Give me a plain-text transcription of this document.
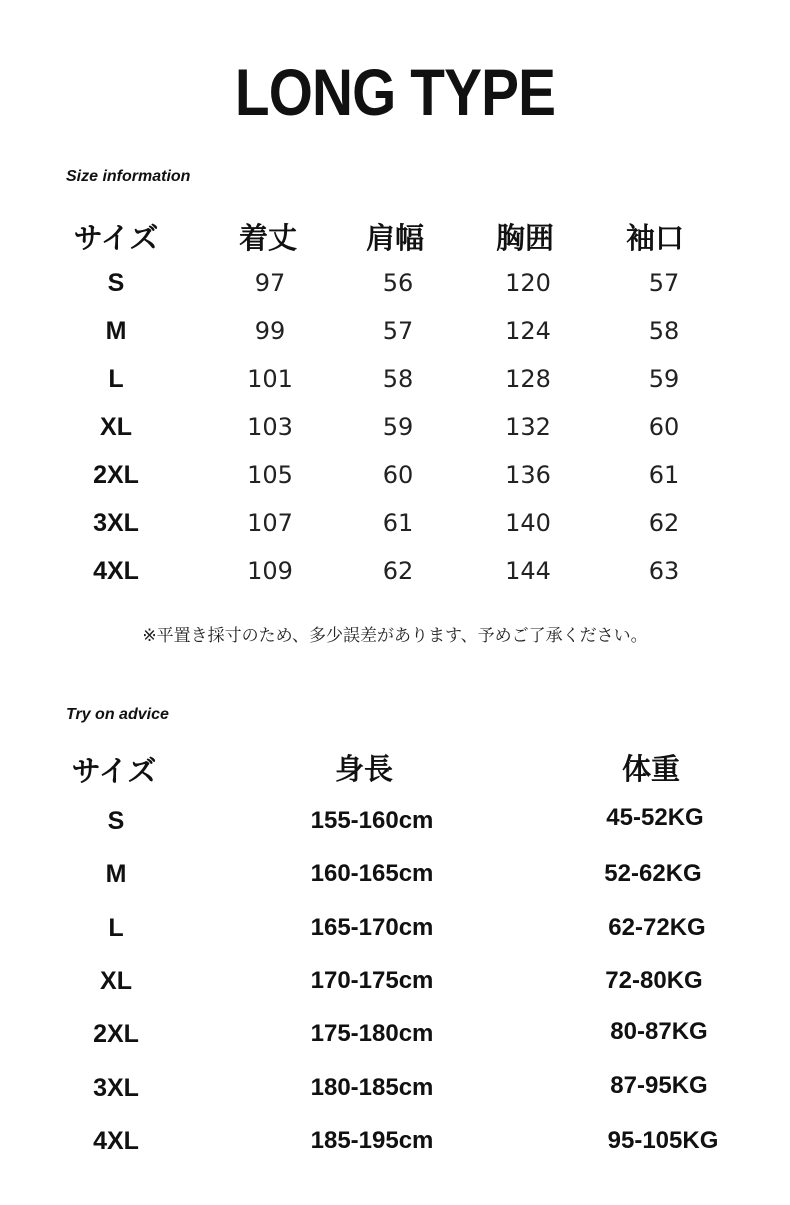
LONG TYPE
Size information
サイズ	着丈 肩幅 胸囲 袖口
S	97	56	120	57
M	99	57	124	58
L	101	58	128	59
XL	103	59	132	60
2XL	105	60	136	61
3XL	107	61	140	62
4XL	109	62	144	63
※平置き採寸のため、多少誤差があります、予めご了承ください。
Try on advice
サイズ	身長	体重
S	155-160cm	45-52KG
M	160-165cm	52-62KG
L	165-170cm	62-72KG
XL	170-175cm	72-80KG
2XL	175-180cm	80-87KG
3XL	180-185cm	87-95KG
4XL	185-195cm	95-105KG
